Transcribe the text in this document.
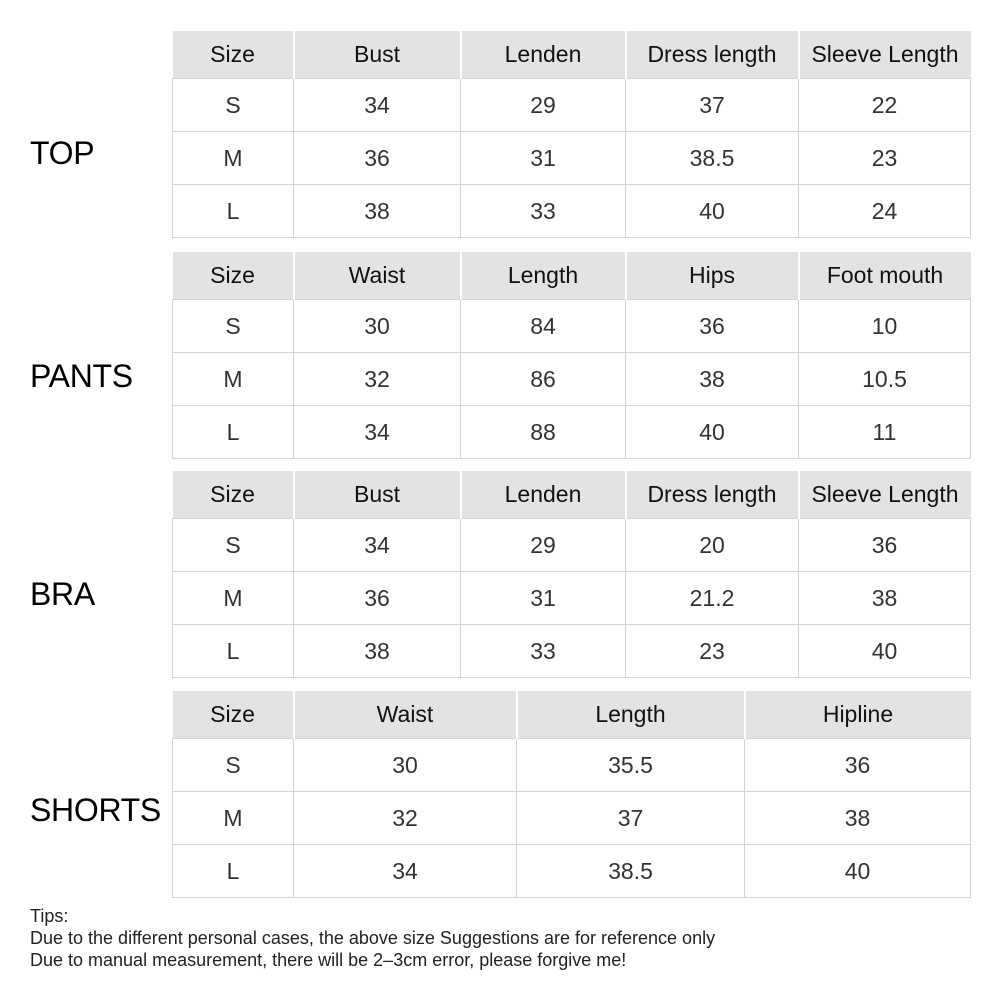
TOP
Size	Bust	Lenden	Dress length	Sleeve Length
S	34	29	37	22
M	36	31	38.5	23
L	38	33	40	24
PANTS
Size	Waist	Length	Hips	Foot mouth
S	30	84	36	10
M	32	86	38	10.5
L	34	88	40	11
BRA
Size	Bust	Lenden	Dress length	Sleeve Length
S	34	29	20	36
M	36	31	21.2	38
L	38	33	23	40
SHORTS
Size	Waist	Length	Hipline
S	30	35.5	36
M	32	37	38
L	34	38.5	40
Tips:
Due to the different personal cases, the above size Suggestions are for reference only
Due to manual measurement, there will be 2–3cm error, please forgive me!
